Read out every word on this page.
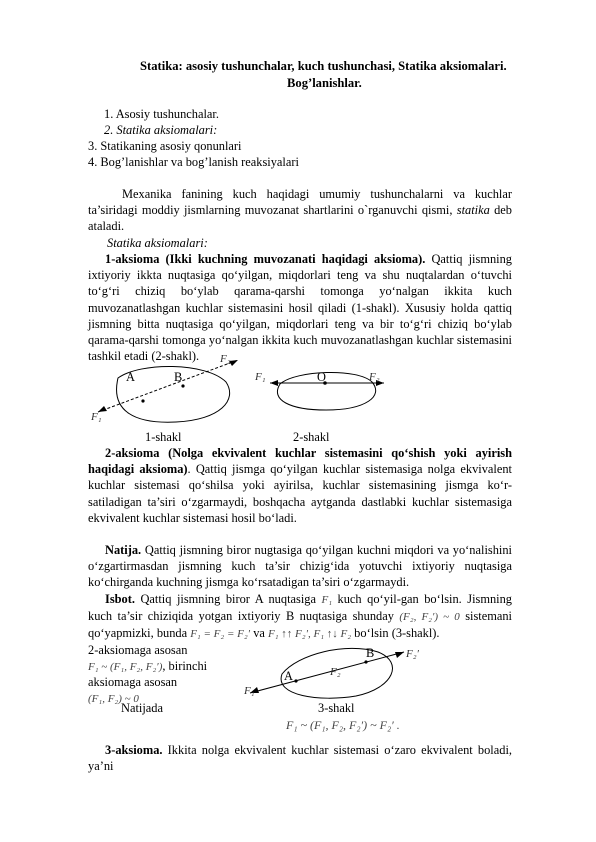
Statika: asosiy tushunchalar, kuch tushunchasi, Statika aksiomalari.
Bog’lanishlar.
1. Asosiy tushunchalar.
2. Statika aksiomalari:
3. Statikaning asosiy qonunlari
4. Bog’lanishlar va bog’lanish reaksiyalari
Mexanika fanining kuch haqidagi umumiy tushunchalarni va kuchlar ta’siridagi moddiy jismlarning muvozanat shartlarini o`rganuvchi qismi, statika deb ataladi.
Statika aksiomalari:
1-aksioma (Ikki kuchning muvozanati haqidagi aksioma). Qattiq jismning ixtiyoriy ikkta nuqtasiga qo‘yilgan, miqdorlari teng va shu nuqtalardan o‘tuvchi to‘g‘ri chiziq bo‘ylab qarama-qarshi tomonga yo‘nalgan ikkita kuch muvozanatlashgan kuchlar sistemasini hosil qiladi (1-shakl). Xususiy holda qattiq jismning bitta nuqtasiga qo‘yilgan, miqdorlari teng va bir to‘g‘ri chiziq bo‘ylab qarama-qarshi tomonga yo‘nalgan ikkita kuch muvozanatlashgan kuchlar sistemasini tashkil etadi (2-shakl).
A	B
F₂
F₁
1-shakl
F₁	O	F₂
2-shakl
2-aksioma (Nolga ekvivalent kuchlar sistemasini qo‘shish yoki ayirish haqidagi aksioma). Qattiq jismga qo‘yilgan kuchlar sistemasiga nolga ekvivalent kuchlar sistemasi qo‘shilsa yoki ayirilsa, kuchlar sistemasining jismga ko‘r-satiladigan ta’siri o‘zgarmaydi, boshqacha aytganda dastlabki kuchlar sistemasiga ekvivalent kuchlar sistemasi hosil bo‘ladi.
Natija. Qattiq jismning biror nugtasiga qo‘yilgan kuchni miqdori va yo‘nalishini o‘zgartirmasdan jismning kuch ta’sir chizig‘ida yotuvchi ixtiyoriy nuqtasiga ko‘chirganda kuchning jismga ko‘rsatadigan ta’siri o‘zgarmaydi.
Isbot. Qattiq jismning biror A nuqtasiga F₁ kuch qo‘yil-gan bo‘lsin. Jismning
kuch ta’sir chiziqida yotgan ixtiyoriy B nuqtasiga shunday (F₂, F₂′) ~ 0 sistemani
qo‘yapmizki, bunda F₁ = F₂ = F₂′ va F₁ ↑↑ F₂′, F₁ ↑↓ F₂ bo‘lsin (3-shakl).
2-aksiomaga asosan
F₁ ~ (F₁, F₂, F₂′), birinchi
aksiomaga asosan
(F₁, F₂) ~ 0
A
B	F₂′
F₂
F₁
Natijada	3-shakl
F₁ ~ (F₁, F₂, F₂′) ~ F₂′ .
3-aksioma. Ikkita nolga ekvivalent kuchlar sistemasi o‘zaro ekvivalent boladi, ya’ni
